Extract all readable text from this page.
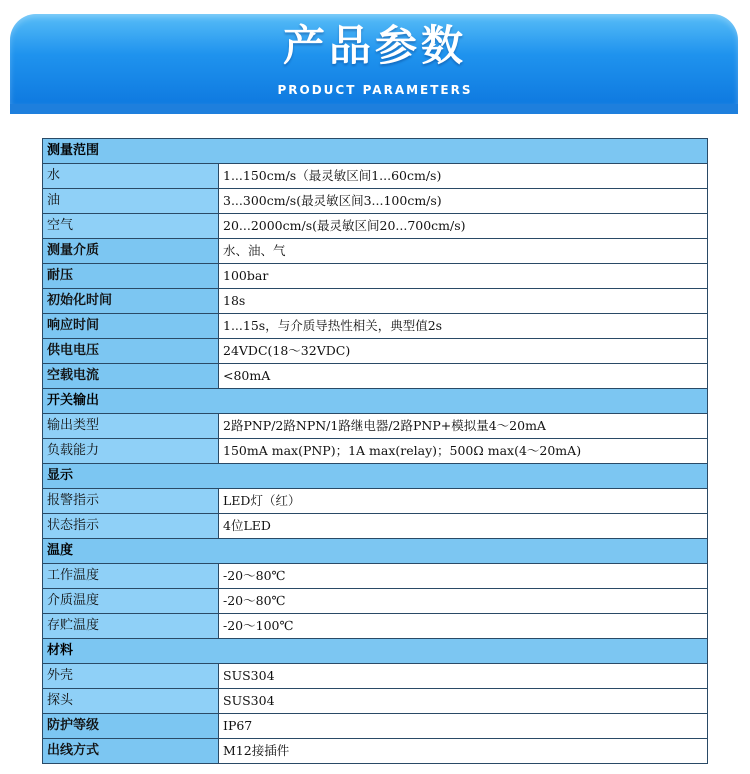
产品参数
PRODUCT PARAMETERS
测量范围	
水	1...150cm/s（最灵敏区间1...60cm/s)
油	3...300cm/s(最灵敏区间3...100cm/s)
空气	20...2000cm/s(最灵敏区间20...700cm/s)
测量介质	水、油、气
耐压	100bar
初始化时间	18s
响应时间	1...15s，与介质导热性相关，典型值2s
供电电压	24VDC(18～32VDC)
空载电流	<80mA
开关输出	
输出类型	2路PNP/2路NPN/1路继电器/2路PNP+模拟量4～20mA
负载能力	150mA max(PNP)；1A max(relay)；500Ω max(4～20mA)
显示	
报警指示	LED灯（红）
状态指示	4位LED
温度	
工作温度	-20～80℃
介质温度	-20～80℃
存贮温度	-20～100℃
材料	
外壳	SUS304
探头	SUS304
防护等级	IP67
出线方式	M12接插件
